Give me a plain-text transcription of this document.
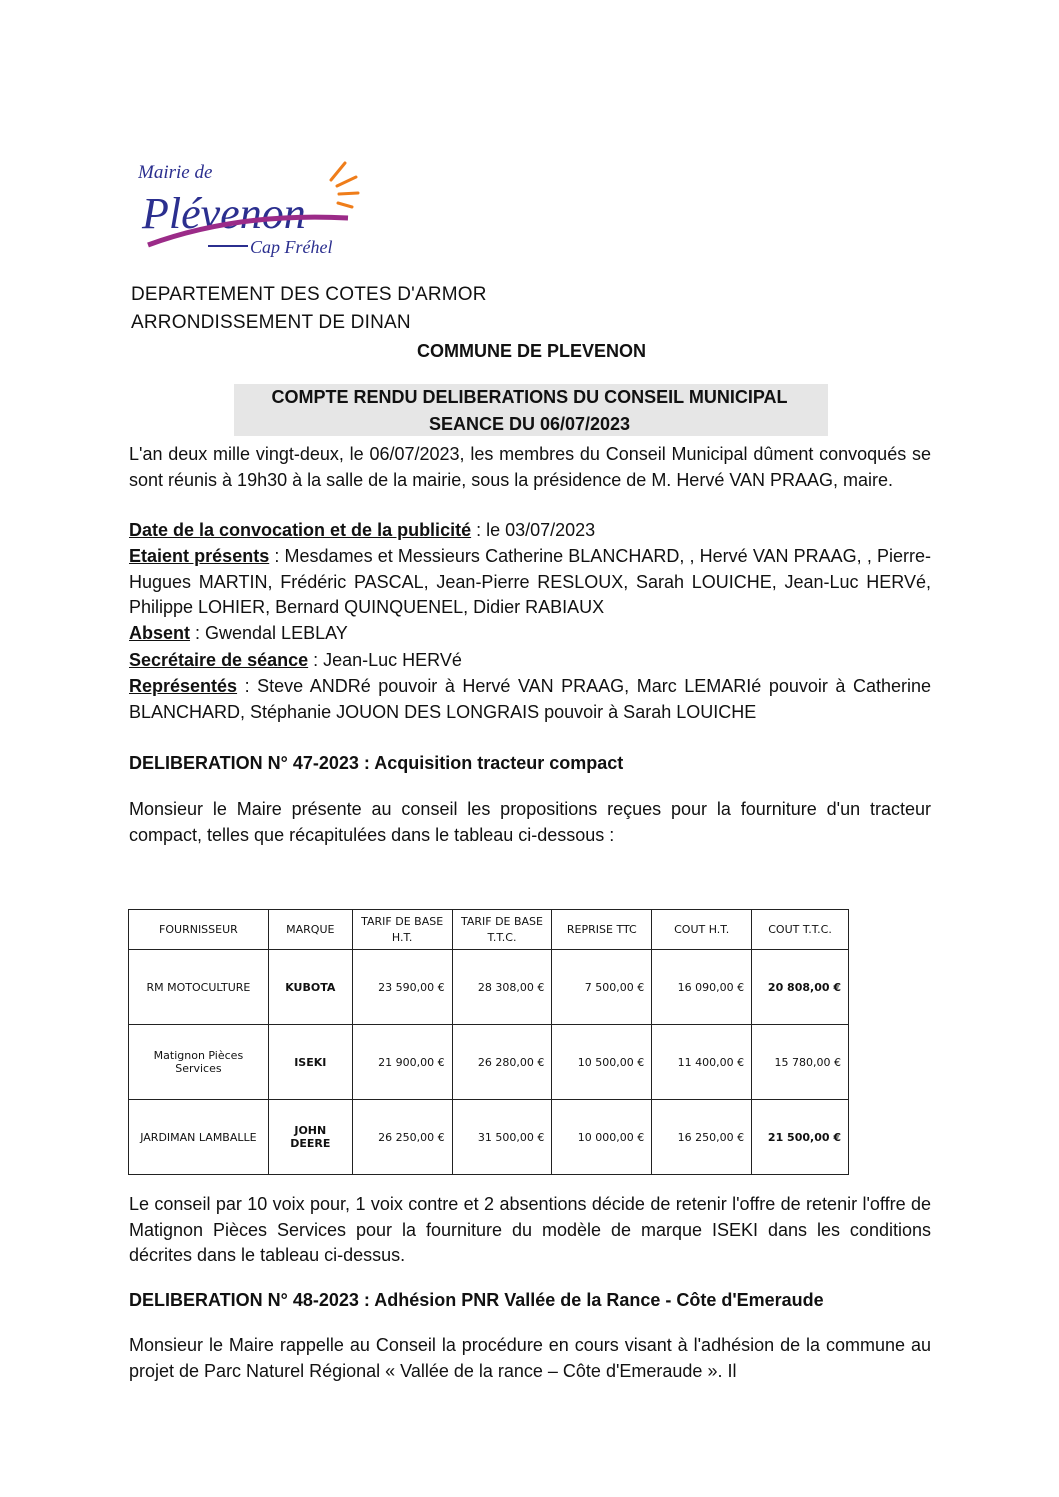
Mairie de
Plévenon
Cap Fréhel
DEPARTEMENT DES COTES D'ARMOR
ARRONDISSEMENT DE DINAN
COMMUNE DE PLEVENON
COMPTE RENDU DELIBERATIONS DU CONSEIL MUNICIPAL
SEANCE DU 06/07/2023
L'an deux mille vingt-deux, le 06/07/2023, les membres du Conseil Municipal dûment convoqués se sont réunis à 19h30 à la salle de la mairie, sous la présidence de M. Hervé VAN PRAAG, maire.
Date de la convocation et de la publicité : le 03/07/2023
Etaient présents : Mesdames et Messieurs Catherine BLANCHARD, , Hervé VAN PRAAG, , Pierre-Hugues MARTIN, Frédéric PASCAL, Jean-Pierre RESLOUX, Sarah LOUICHE, Jean-Luc HERVé, Philippe LOHIER, Bernard QUINQUENEL, Didier RABIAUX
Absent : Gwendal LEBLAY
Secrétaire de séance : Jean-Luc HERVé
Représentés : Steve ANDRé pouvoir à Hervé VAN PRAAG, Marc LEMARIé pouvoir à Catherine BLANCHARD, Stéphanie JOUON DES LONGRAIS pouvoir à Sarah LOUICHE
DELIBERATION N° 47-2023 : Acquisition tracteur compact
Monsieur le Maire présente au conseil les propositions reçues pour la fourniture d'un tracteur compact, telles que récapitulées dans le tableau ci-dessous :
FOURNISSEUR	MARQUE	TARIF DE BASE H.T.	TARIF DE BASE T.T.C.	REPRISE TTC	COUT H.T.	COUT T.T.C.
RM MOTOCULTURE	KUBOTA	23 590,00 €	28 308,00 €	7 500,00 €	16 090,00 €	20 808,00 €
Matignon Pièces Services	ISEKI	21 900,00 €	26 280,00 €	10 500,00 €	11 400,00 €	15 780,00 €
JARDIMAN LAMBALLE	JOHN DEERE	26 250,00 €	31 500,00 €	10 000,00 €	16 250,00 €	21 500,00 €
Le conseil par 10 voix pour, 1 voix contre et 2 absentions décide de retenir l'offre de retenir l'offre de Matignon Pièces Services pour la fourniture du modèle de marque ISEKI dans les conditions décrites dans le tableau ci-dessus.
DELIBERATION N° 48-2023 : Adhésion PNR Vallée de la Rance - Côte d'Emeraude
Monsieur le Maire rappelle au Conseil la procédure en cours visant à l'adhésion de la commune au projet de Parc Naturel Régional « Vallée de la rance – Côte d'Emeraude ». Il
